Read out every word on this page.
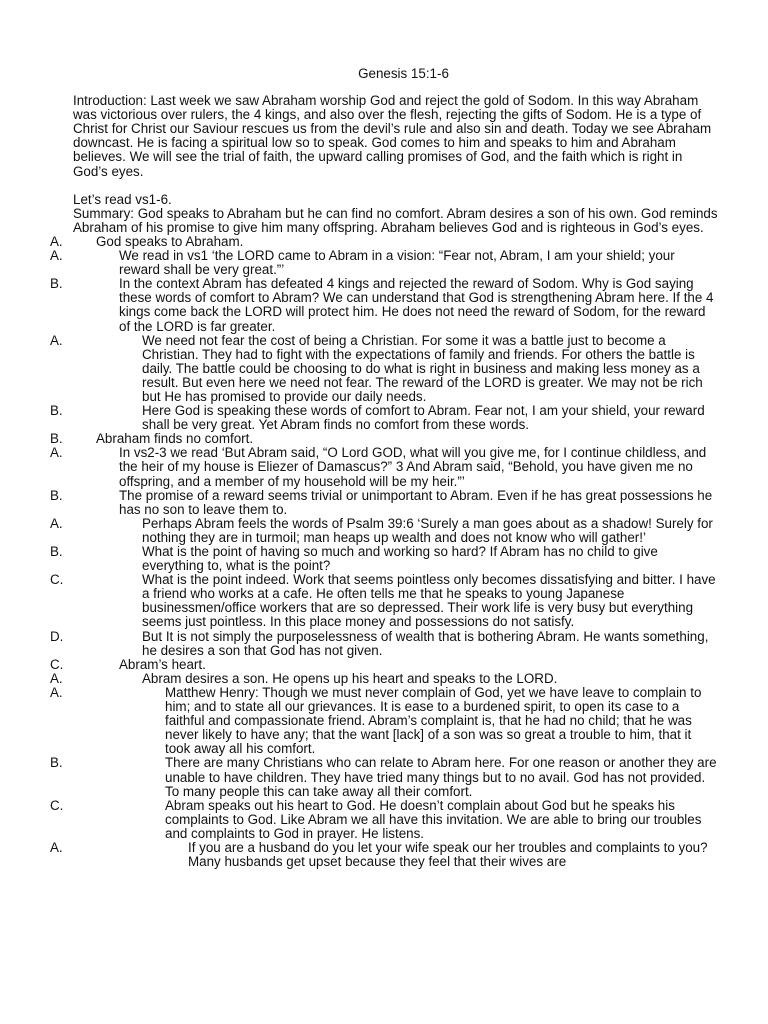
Genesis 15:1-6

Introduction: Last week we saw Abraham worship God and reject the gold of Sodom. In this way Abraham was victorious over rulers, the 4 kings, and also over the flesh, rejecting the gifts of Sodom. He is a type of Christ for Christ our Saviour rescues us from the devil’s rule and also sin and death. Today we see Abraham downcast. He is facing a spiritual low so to speak. God comes to him and speaks to him and Abraham believes. We will see the trial of faith, the upward calling promises of God, and the faith which is right in God’s eyes.

Let’s read vs1-6.

Summary: God speaks to Abraham but he can find no comfort. Abram desires a son of his own. God reminds Abraham of his promise to give him many offspring. Abraham believes God and is righteous in God’s eyes.

A. God speaks to Abraham.
A.	We read in vs1 ‘the LORD came to Abram in a vision: “Fear not, Abram, I am your shield; your reward shall be very great.”’
B.	In the context Abram has defeated 4 kings and rejected the reward of Sodom. Why is God saying these words of comfort to Abram? We can understand that God is strengthening Abram here. If the 4 kings come back the LORD will protect him. He does not need the reward of Sodom, for the reward of the LORD is far greater.
A.	We need not fear the cost of being a Christian. For some it was a battle just to become a Christian. They had to fight with the expectations of family and friends. For others the battle is daily. The battle could be choosing to do what is right in business and making less money as a result. But even here we need not fear. The reward of the LORD is greater. We may not be rich but He has promised to provide our daily needs.
B.	Here God is speaking these words of comfort to Abram. Fear not, I am your shield, your reward shall be very great. Yet Abram finds no comfort from these words.
B. Abraham finds no comfort.
A.	In vs2-3 we read ‘But Abram said, “O Lord GOD, what will you give me, for I continue childless, and the heir of my house is Eliezer of Damascus?” 3 And Abram said, “Behold, you have given me no offspring, and a member of my household will be my heir.”’
B.	The promise of a reward seems trivial or unimportant to Abram. Even if he has great possessions he has no son to leave them to.
A.	Perhaps Abram feels the words of Psalm 39:6 ‘Surely a man goes about as a shadow! Surely for nothing they are in turmoil; man heaps up wealth and does not know who will gather!’
B.	What is the point of having so much and working so hard? If Abram has no child to give everything to, what is the point?
C.	What is the point indeed. Work that seems pointless only becomes dissatisfying and bitter. I have a friend who works at a cafe. He often tells me that he speaks to young Japanese businessmen/office workers that are so depressed. Their work life is very busy but everything seems just pointless. In this place money and possessions do not satisfy.
D.	But It is not simply the purposelessness of wealth that is bothering Abram. He wants something, he desires a son that God has not given.
C.	Abram’s heart.
A.	Abram desires a son. He opens up his heart and speaks to the LORD.
A.	Matthew Henry: Though we must never complain of God, yet we have leave to complain to him; and to state all our grievances. It is ease to a burdened spirit, to open its case to a faithful and compassionate friend. Abram’s complaint is, that he had no child; that he was never likely to have any; that the want [lack] of a son was so great a trouble to him, that it took away all his comfort.
B.	There are many Christians who can relate to Abram here. For one reason or another they are unable to have children. They have tried many things but to no avail. God has not provided. To many people this can take away all their comfort.
C.	Abram speaks out his heart to God. He doesn’t complain about God but he speaks his complaints to God. Like Abram we all have this invitation. We are able to bring our troubles and complaints to God in prayer. He listens.
A.	If you are a husband do you let your wife speak our her troubles and complaints to you? Many husbands get upset because they feel that their wives are
